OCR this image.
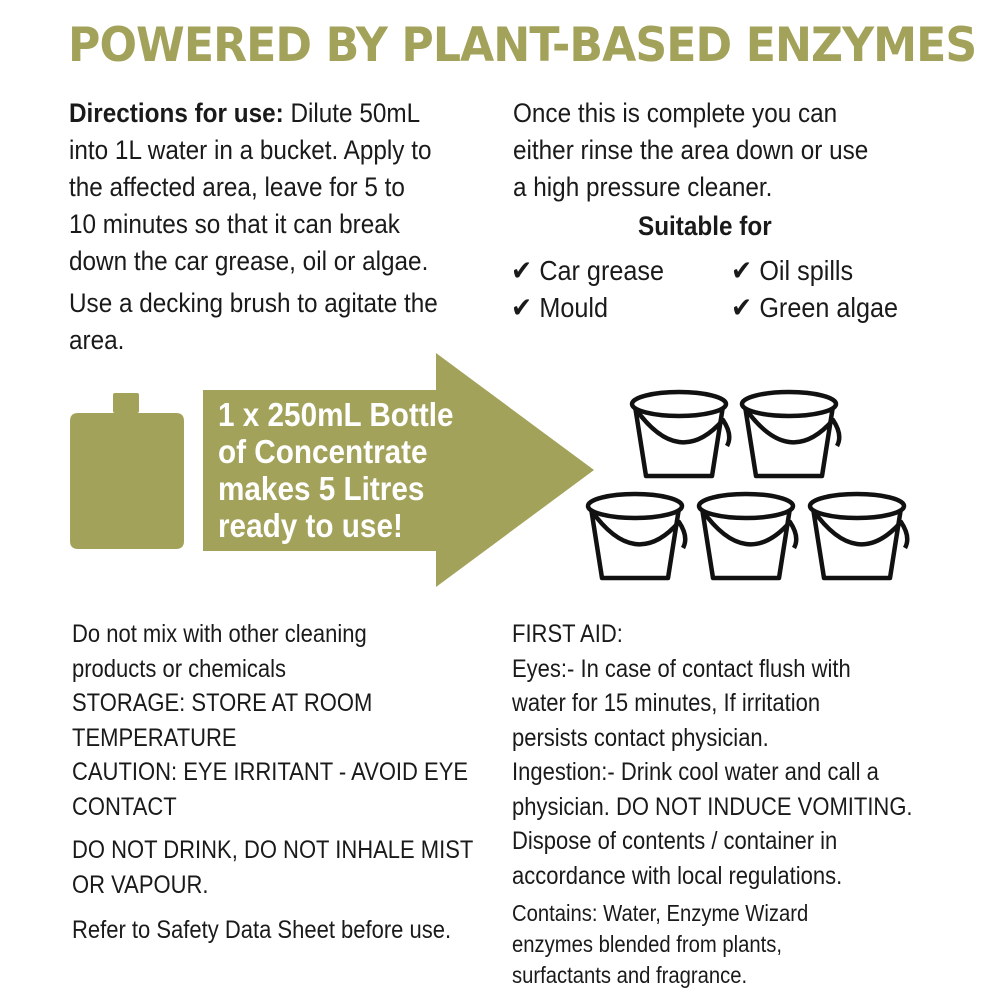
POWERED BY PLANT-BASED ENZYMES

Directions for use: Dilute 50mL

into 1L water in a bucket. Apply to

the affected area, leave for 5 to

10 minutes so that it can break

down the car grease, oil or algae.

Use a decking brush to agitate the

area.

Once this is complete you can

either rinse the area down or use

a high pressure cleaner.

Suitable for
✔ Car grease ✔ Oil spills
✔ Mould	✔ Green algae

1 x 250mL Bottle

of Concentrate

makes 5 Litres

ready to use!

Do not mix with other cleaning

products or chemicals

STORAGE: STORE AT ROOM

TEMPERATURE

CAUTION: EYE IRRITANT - AVOID EYE

CONTACT

DO NOT DRINK, DO NOT INHALE MIST

OR VAPOUR.

Refer to Safety Data Sheet before use.

FIRST AID:

Eyes:- In case of contact flush with

water for 15 minutes, If irritation

persists contact physician.

Ingestion:- Drink cool water and call a

physician. DO NOT INDUCE VOMITING.

Dispose of contents / container in

accordance with local regulations.

Contains: Water, Enzyme Wizard

enzymes blended from plants,

surfactants and fragrance.
